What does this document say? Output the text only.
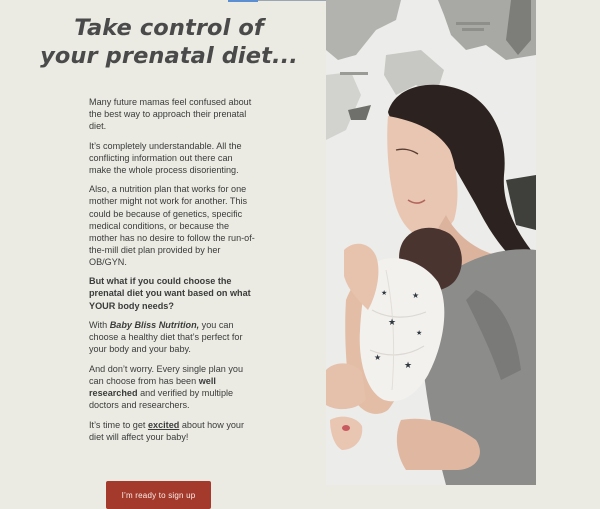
Take control of
your prenatal diet...

Many future mamas feel confused about the best way to approach their prenatal diet.

It’s completely understandable. All the conflicting information out there can make the whole process disorienting.

Also, a nutrition plan that works for one mother might not work for another. This could be because of genetics, specific medical conditions, or because the mother has no desire to follow the run-of-the-mill diet plan provided by her OB/GYN.

But what if you could choose the prenatal diet you want based on what YOUR body needs?

With Baby Bliss Nutrition, you can choose a healthy diet that’s perfect for your body and your baby.

And don’t worry. Every single plan you can choose from has been well researched and verified by multiple doctors and researchers.

It’s time to get excited about how your diet will affect your baby!

I’m ready to sign up
★
★
★
★
★
★
